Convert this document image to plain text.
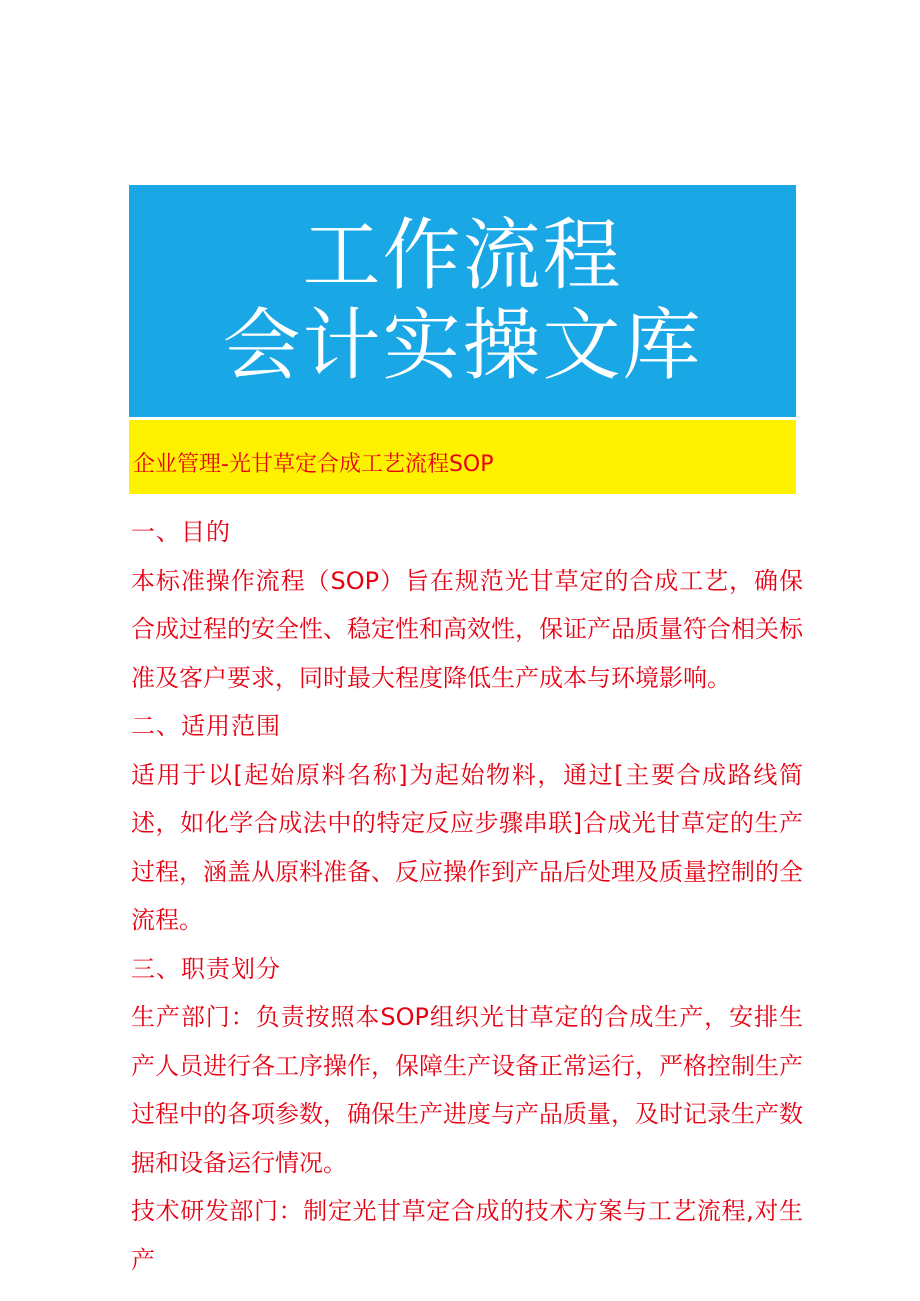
工作流程
会计实操文库
企业管理-光甘草定合成工艺流程SOP

一、目的

本标准操作流程（SOP）旨在规范光甘草定的合成工艺，确保合成过程的安全性、稳定性和高效性，保证产品质量符合相关标准及客户要求，同时最大程度降低生产成本与环境影响。

二、适用范围

适用于以[起始原料名称]为起始物料，通过[主要合成路线简述，如化学合成法中的特定反应步骤串联]合成光甘草定的生产过程，涵盖从原料准备、反应操作到产品后处理及质量控制的全流程。

三、职责划分

生产部门：负责按照本SOP组织光甘草定的合成生产，安排生产人员进行各工序操作，保障生产设备正常运行，严格控制生产过程中的各项参数，确保生产进度与产品质量，及时记录生产数据和设备运行情况。

技术研发部门：制定光甘草定合成的技术方案与工艺流程,对生产
